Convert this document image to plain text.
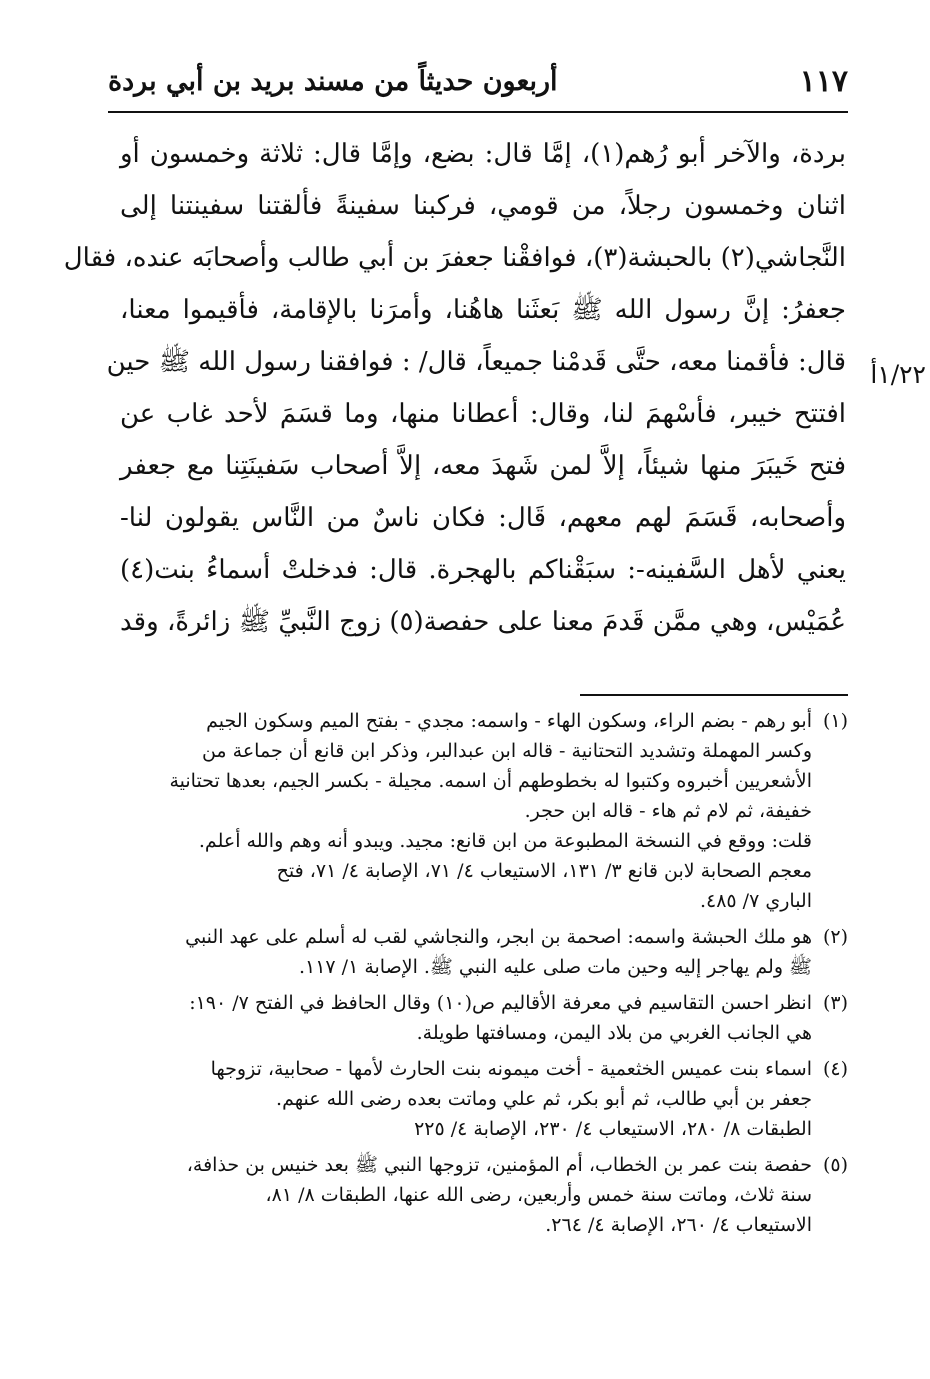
١١٧
أربعون حديثاً من مسند بريد بن أبي بردة
بردة، والآخر أبو رُهم(١)، إمَّا قال: بضع، وإمَّا قال: ثلاثة وخمسون أو
اثنان وخمسون رجلاً، من قومي، فركبنا سفينةً فألقتنا سفينتنا إلى
النَّجاشي(٢) بالحبشة(٣)، فوافقْنا جعفرَ بن أبي طالب وأصحابَه عنده، فقال
جعفرُ: إنَّ رسول الله ﷺ بَعثَنا هاهُنا، وأمرَنا بالإقامة، فأقيموا معنا،
قال: فأقمنا معه، حتَّى قَدمْنا جميعاً، قال/ : فوافقنا رسول الله ﷺ حين
افتتح خيبر، فأسْهمَ لنا، وقال: أعطانا منها، وما قسَمَ لأحد غاب عن
فتح خَيبَرَ منها شيئاً، إلاَّ لمن شَهدَ معه، إلاَّ أصحاب سَفينَتِنا مع جعفر
وأصحابه، قَسَمَ لهم معهم، قَال: فكان ناسٌ من النَّاس يقولون لنا-
يعني لأهل السَّفينه-: سبَقْناكم بالهجرة. قال: فدخلتْ أسماءُ بنت(٤)
عُمَيْس، وهي ممَّن قَدمَ معنا على حفصة(٥) زوج النَّبيِّ ﷺ زائرةً، وقد
١/٢٢أ
(١)أبو رهم - بضم الراء، وسكون الهاء - واسمه: مجدي - بفتح الميم وسكون الجيم
وكسر المهملة وتشديد التحتانية - قاله ابن عبدالبر، وذكر ابن قانع أن جماعة من
الأشعريين أخبروه وكتبوا له بخطوطهم أن اسمه. مجيلة - بكسر الجيم، بعدها تحتانية
خفيفة، ثم لام ثم هاء - قاله ابن حجر.
قلت: ووقع في النسخة المطبوعة من ابن قانع: مجيد. ويبدو أنه وهم والله أعلم.
معجم الصحابة لابن قانع ٣/ ١٣١، الاستيعاب ٤/ ٧١، الإصابة ٤/ ٧١، فتح
الباري ٧/ ٤٨٥.
(٢)هو ملك الحبشة واسمه: اصحمة بن ابجر، والنجاشي لقب له أسلم على عهد النبي
ﷺ ولم يهاجر إليه وحين مات صلى عليه النبي ﷺ. الإصابة ١/ ١١٧.
(٣)انظر احسن التقاسيم في معرفة الأقاليم ص(١٠) وقال الحافظ في الفتح ٧/ ١٩٠:
هي الجانب الغربي من بلاد اليمن، ومسافتها طويلة.
(٤)اسماء بنت عميس الخثعمية - أخت ميمونه بنت الحارث لأمها - صحابية، تزوجها
جعفر بن أبي طالب، ثم أبو بكر، ثم علي وماتت بعده رضى الله عنهم.
الطبقات ٨/ ٢٨٠، الاستيعاب ٤/ ٢٣٠، الإصابة ٤/ ٢٢٥
(٥)حفصة بنت عمر بن الخطاب، أم المؤمنين، تزوجها النبي ﷺ بعد خنيس بن حذافة،
سنة ثلاث، وماتت سنة خمس وأربعين، رضى الله عنها، الطبقات ٨/ ٨١،
الاستيعاب ٤/ ٢٦٠، الإصابة ٤/ ٢٦٤.
